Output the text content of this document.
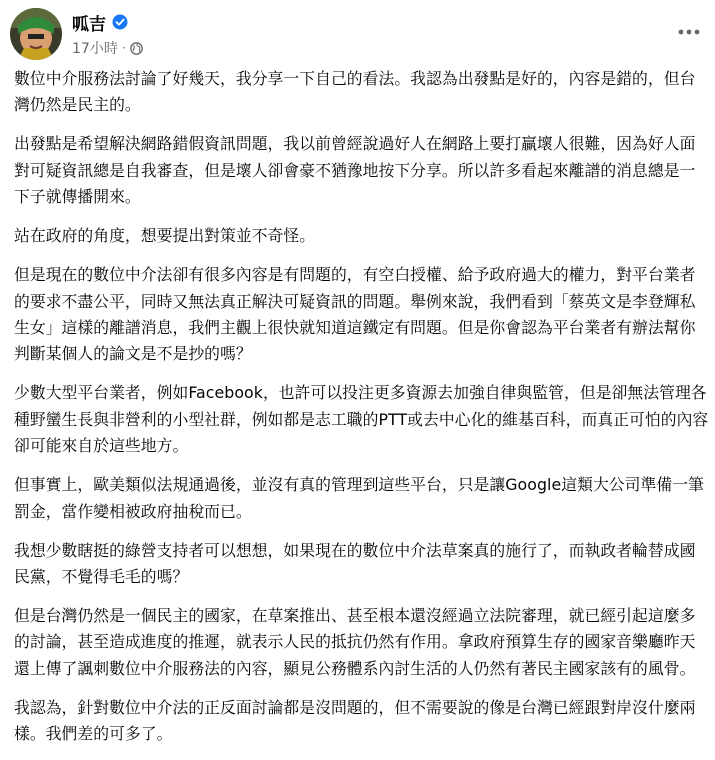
呱吉
17小時 ·

數位中介服務法討論了好幾天，我分享一下自己的看法。我認為出發點是好的，內容是錯的，但台灣仍然是民主的。

出發點是希望解決網路錯假資訊問題，我以前曾經說過好人在網路上要打贏壞人很難，因為好人面對可疑資訊總是自我審查，但是壞人卻會豪不猶豫地按下分享。所以許多看起來離譜的消息總是一下子就傳播開來。

站在政府的角度，想要提出對策並不奇怪。

但是現在的數位中介法卻有很多內容是有問題的，有空白授權、給予政府過大的權力，對平台業者的要求不盡公平，同時又無法真正解決可疑資訊的問題。舉例來說，我們看到「蔡英文是李登輝私生女」這樣的離譜消息，我們主觀上很快就知道這鐵定有問題。但是你會認為平台業者有辦法幫你判斷某個人的論文是不是抄的嗎？

少數大型平台業者，例如Facebook，也許可以投注更多資源去加強自律與監管，但是卻無法管理各種野蠻生長與非營利的小型社群，例如都是志工職的PTT或去中心化的維基百科，而真正可怕的內容卻可能來自於這些地方。

但事實上，歐美類似法規通過後，並沒有真的管理到這些平台，只是讓Google這類大公司準備一筆罰金，當作變相被政府抽稅而已。

我想少數瞎挺的綠營支持者可以想想，如果現在的數位中介法草案真的施行了，而執政者輪替成國民黨，不覺得毛毛的嗎？

但是台灣仍然是一個民主的國家，在草案推出、甚至根本還沒經過立法院審理，就已經引起這麼多的討論，甚至造成進度的推遲，就表示人民的抵抗仍然有作用。拿政府預算生存的國家音樂廳昨天還上傳了諷刺數位中介服務法的內容，顯見公務體系內討生活的人仍然有著民主國家該有的風骨。

我認為，針對數位中介法的正反面討論都是沒問題的，但不需要說的像是台灣已經跟對岸沒什麼兩樣。我們差的可多了。
